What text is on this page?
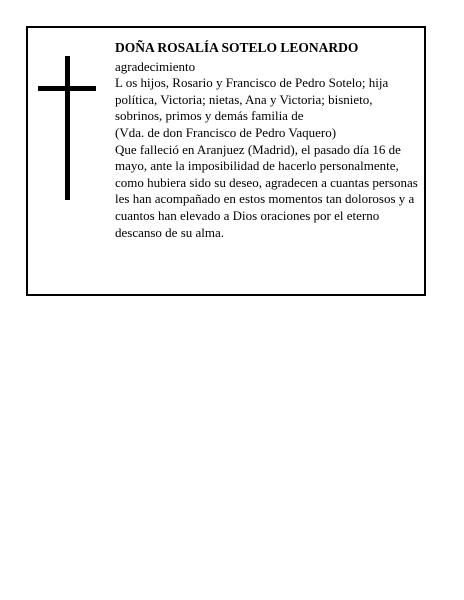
DOÑA ROSALÍA SOTELO LEONARDO

agradecimiento

L os hijos, Rosario y Francisco de Pedro Sotelo; hija política, Victoria; nietas, Ana y Victoria; bisnieto, sobrinos, primos y demás familia de

(Vda. de don Francisco de Pedro Vaquero)

Que falleció en Aranjuez (Madrid), el pasado día 16 de mayo, ante la imposibilidad de hacerlo personalmente, como hubiera sido su deseo, agradecen a cuantas personas les han acompañado en estos momentos tan dolorosos y a cuantos han elevado a Dios oraciones por el eterno descanso de su alma.
